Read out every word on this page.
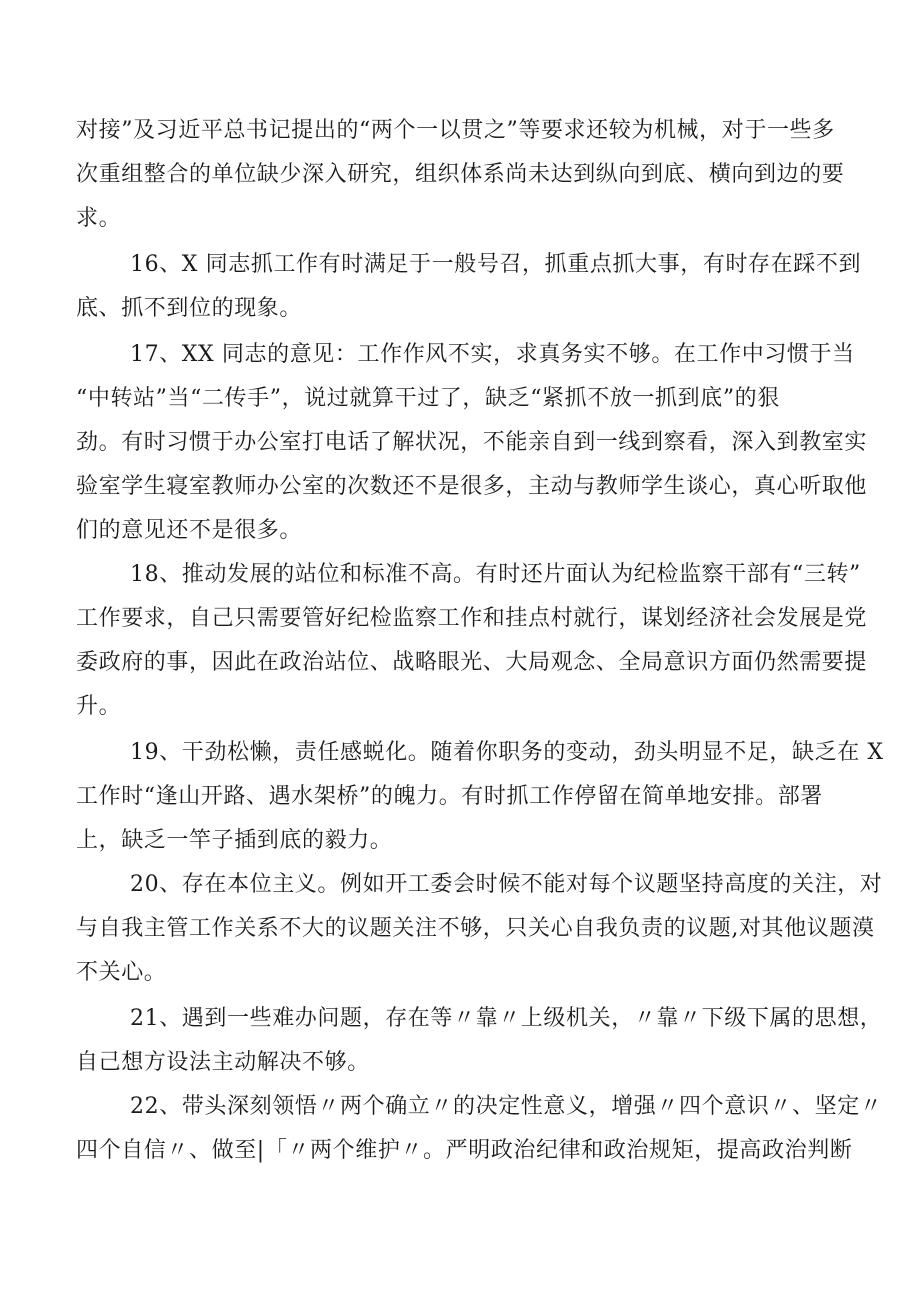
对接”及习近平总书记提出的“两个一以贯之”等要求还较为机械，对于一些多
次重组整合的单位缺少深入研究，组织体系尚未达到纵向到底、横向到边的要
求。
16、X 同志抓工作有时满足于一般号召，抓重点抓大事，有时存在踩不到
底、抓不到位的现象。
17、XX 同志的意见：工作作风不实，求真务实不够。在工作中习惯于当
“中转站”当“二传手”，说过就算干过了，缺乏“紧抓不放一抓到底”的狠
劲。有时习惯于办公室打电话了解状况，不能亲自到一线到察看，深入到教室实
验室学生寝室教师办公室的次数还不是很多，主动与教师学生谈心，真心听取他
们的意见还不是很多。
18、推动发展的站位和标准不高。有时还片面认为纪检监察干部有“三转”
工作要求，自己只需要管好纪检监察工作和挂点村就行，谋划经济社会发展是党
委政府的事，因此在政治站位、战略眼光、大局观念、全局意识方面仍然需要提
升。
19、干劲松懒，责任感蜕化。随着你职务的变动，劲头明显不足，缺乏在 X
工作时“逢山开路、遇水架桥”的魄力。有时抓工作停留在简单地安排。部署
上，缺乏一竿子插到底的毅力。
20、存在本位主义。例如开工委会时候不能对每个议题坚持高度的关注，对
与自我主管工作关系不大的议题关注不够，只关心自我负责的议题,对其他议题漠
不关心。
21、遇到一些难办问题，存在等〃靠〃上级机关，〃靠〃下级下属的思想，
自己想方设法主动解决不够。
22、带头深刻领悟〃两个确立〃的决定性意义，增强〃四个意识〃、坚定〃
四个自信〃、做至|「〃两个维护〃。严明政治纪律和政治规矩，提高政治判断
